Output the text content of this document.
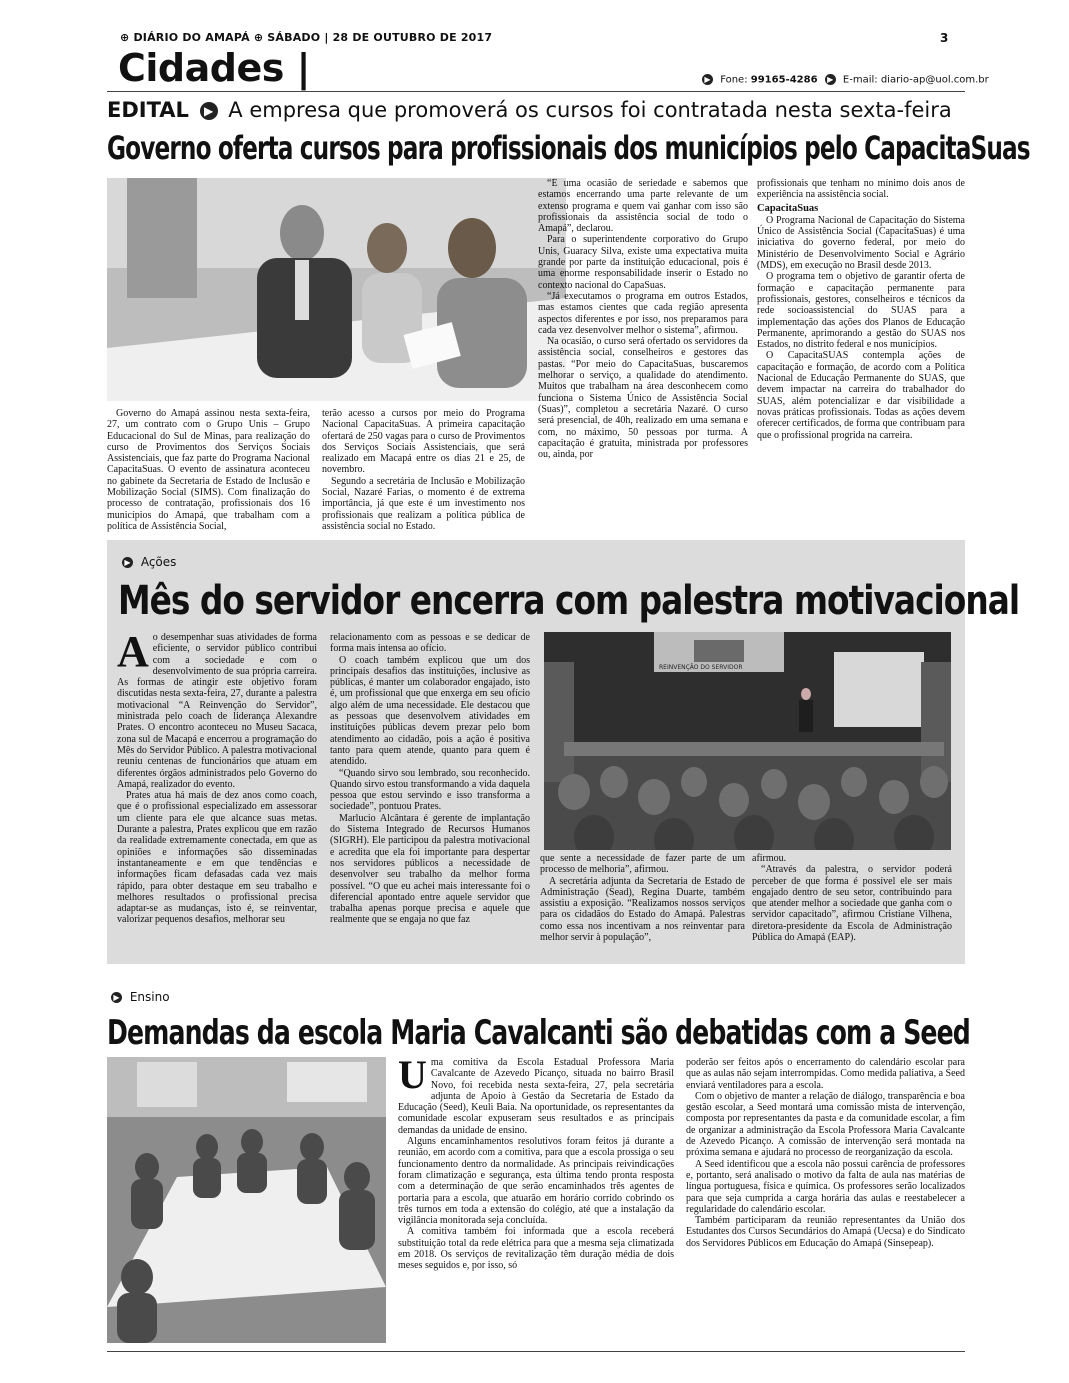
⊕ DIÁRIO DO AMAPÁ ⊕ SÁBADO | 28 DE OUTUBRO DE 2017	3
Cidades |	▶ Fone: 99165-4286 ▶ E-mail: diario-ap@uol.com.br
EDITAL ▶ A empresa que promoverá os cursos foi contratada nesta sexta-feira
Governo oferta cursos para profissionais dos municípios pelo CapacitaSuas

Governo do Amapá assinou nesta sexta-feira, 27, um contrato com o Grupo Unis – Grupo Educacional do Sul de Minas, para realização do curso de Provimentos dos Serviços Sociais Assistenciais, que faz parte do Programa Nacional CapacitaSuas. O evento de assinatura aconteceu no gabinete da Secretaria de Estado de Inclusão e Mobilização Social (SIMS). Com finalização do processo de contratação, profissionais dos 16 municípios do Amapá, que trabalham com a política de Assistência Social,

terão acesso a cursos por meio do Programa Nacional CapacitaSuas. A primeira capacitação ofertará de 250 vagas para o curso de Provimentos dos Serviços Sociais Assistenciais, que será realizado em Macapá entre os dias 21 e 25, de novembro.

Segundo a secretária de Inclusão e Mobilização Social, Nazaré Farias, o momento é de extrema importância, já que este é um investimento nos profissionais que realizam a política pública de assistência social no Estado.

“É uma ocasião de seriedade e sabemos que estamos encerrando uma parte relevante de um extenso programa e quem vai ganhar com isso são profissionais da assistência social de todo o Amapá”, declarou.

Para o superintendente corporativo do Grupo Unis, Guaracy Silva, existe uma expectativa muita grande por parte da instituição educacional, pois é uma enorme responsabilidade inserir o Estado no contexto nacional do CapaSuas.

“Já executamos o programa em outros Estados, mas estamos cientes que cada região apresenta aspectos diferentes e por isso, nos preparamos para cada vez desenvolver melhor o sistema”, afirmou.

Na ocasião, o curso será ofertado os servidores da assistência social, conselheiros e gestores das pastas. “Por meio do CapacitaSuas, buscaremos melhorar o serviço, a qualidade do atendimento. Muitos que trabalham na área desconhecem como funciona o Sistema Único de Assistência Social (Suas)”, completou a secretária Nazaré. O curso será presencial, de 40h, realizado em uma semana e com, no máximo, 50 pessoas por turma. A capacitação é gratuita, ministrada por professores ou, ainda, por

profissionais que tenham no mínimo dois anos de experiência na assistência social.

CapacitaSuas

O Programa Nacional de Capacitação do Sistema Único de Assistência Social (CapacitaSuas) é uma iniciativa do governo federal, por meio do Ministério de Desenvolvimento Social e Agrário (MDS), em execução no Brasil desde 2013.

O programa tem o objetivo de garantir oferta de formação e capacitação permanente para profissionais, gestores, conselheiros e técnicos da rede socioassistencial do SUAS para a implementação das ações dos Planos de Educação Permanente, aprimorando a gestão do SUAS nos Estados, no distrito federal e nos municípios.

O CapacitaSUAS contempla ações de capacitação e formação, de acordo com a Política Nacional de Educação Permanente do SUAS, que devem impactar na carreira do trabalhador do SUAS, além potencializar e dar visibilidade a novas práticas profissionais. Todas as ações devem oferecer certificados, de forma que contribuam para que o profissional progrida na carreira.

▶ Ações
Mês do servidor encerra com palestra motivacional
A o desempenhar suas atividades de forma eficiente, o servidor público contribui com a sociedade e com o desenvolvimento de sua própria carreira. As formas de atingir este objetivo foram discutidas nesta sexta-feira, 27, durante a palestra motivacional “A Reinvenção do Servidor”, ministrada pelo coach de liderança Alexandre Prates. O encontro aconteceu no Museu Sacaca, zona sul de Macapá e encerrou a programação do Mês do Servidor Público. A palestra motivacional reuniu centenas de funcionários que atuam em diferentes órgãos administrados pelo Governo do Amapá, realizador do evento.

Prates atua há mais de dez anos como coach, que é o profissional especializado em assessorar um cliente para ele que alcance suas metas. Durante a palestra, Prates explicou que em razão da realidade extremamente conectada, em que as opiniões e informações são disseminadas instantaneamente e em que tendências e informações ficam defasadas cada vez mais rápido, para obter destaque em seu trabalho e melhores resultados o profissional precisa adaptar-se as mudanças, isto é, se reinventar, valorizar pequenos desafios, melhorar seu

relacionamento com as pessoas e se dedicar de forma mais intensa ao ofício.

O coach também explicou que um dos principais desafios das instituições, inclusive as públicas, é manter um colaborador engajado, isto é, um profissional que que enxerga em seu ofício algo além de uma necessidade. Ele destacou que as pessoas que desenvolvem atividades em instituições públicas devem prezar pelo bom atendimento ao cidadão, pois a ação é positiva tanto para quem atende, quanto para quem é atendido.

“Quando sirvo sou lembrado, sou reconhecido. Quando sirvo estou transformando a vida daquela pessoa que estou servindo e isso transforma a sociedade”, pontuou Prates.

Marlucio Alcântara é gerente de implantação do Sistema Integrado de Recursos Humanos (SIGRH). Ele participou da palestra motivacional e acredita que ela foi importante para despertar nos servidores públicos a necessidade de desenvolver seu trabalho da melhor forma possível. “O que eu achei mais interessante foi o diferencial apontado entre aquele servidor que trabalha apenas porque precisa e aquele que realmente que se engaja no que faz

REINVENÇÃO DO SERVIDOR

que sente a necessidade de fazer parte de um processo de melhoria”, afirmou.

A secretária adjunta da Secretaria de Estado de Administração (Sead), Regina Duarte, também assistiu a exposição. “Realizamos nossos serviços para os cidadãos do Estado do Amapá. Palestras como essa nos incentivam a nos reinventar para melhor servir à população”,

afirmou.

“Através da palestra, o servidor poderá perceber de que forma é possível ele ser mais engajado dentro de seu setor, contribuindo para que atender melhor a sociedade que ganha com o servidor capacitado”, afirmou Cristiane Vilhena, diretora-presidente da Escola de Administração Pública do Amapá (EAP).

▶ Ensino
Demandas da escola Maria Cavalcanti são debatidas com a Seed
U ma comitiva da Escola Estadual Professora Maria Cavalcante de Azevedo Picanço, situada no bairro Brasil Novo, foi recebida nesta sexta-feira, 27, pela secretária adjunta de Apoio à Gestão da Secretaria de Estado da Educação (Seed), Keuli Baia. Na oportunidade, os representantes da comunidade escolar expuseram seus resultados e as principais demandas da unidade de ensino.

Alguns encaminhamentos resolutivos foram feitos já durante a reunião, em acordo com a comitiva, para que a escola prossiga o seu funcionamento dentro da normalidade. As principais reivindicações foram climatização e segurança, esta última tendo pronta resposta com a determinação de que serão encaminhados três agentes de portaria para a escola, que atuarão em horário corrido cobrindo os três turnos em toda a extensão do colégio, até que a instalação da vigilância monitorada seja concluída.

A comitiva também foi informada que a escola receberá substituição total da rede elétrica para que a mesma seja climatizada em 2018. Os serviços de revitalização têm duração média de dois meses seguidos e, por isso, só

poderão ser feitos após o encerramento do calendário escolar para que as aulas não sejam interrompidas. Como medida paliativa, a Seed enviará ventiladores para a escola.

Com o objetivo de manter a relação de diálogo, transparência e boa gestão escolar, a Seed montará uma comissão mista de intervenção, composta por representantes da pasta e da comunidade escolar, a fim de organizar a administração da Escola Professora Maria Cavalcante de Azevedo Picanço. A comissão de intervenção será montada na próxima semana e ajudará no processo de reorganização da escola.

A Seed identificou que a escola não possui carência de professores e, portanto, será analisado o motivo da falta de aula nas matérias de língua portuguesa, física e química. Os professores serão localizados para que seja cumprida a carga horária das aulas e reestabelecer a regularidade do calendário escolar.

Também participaram da reunião representantes da União dos Estudantes dos Cursos Secundários do Amapá (Uecsa) e do Sindicato dos Servidores Públicos em Educação do Amapá (Sinsepeap).
